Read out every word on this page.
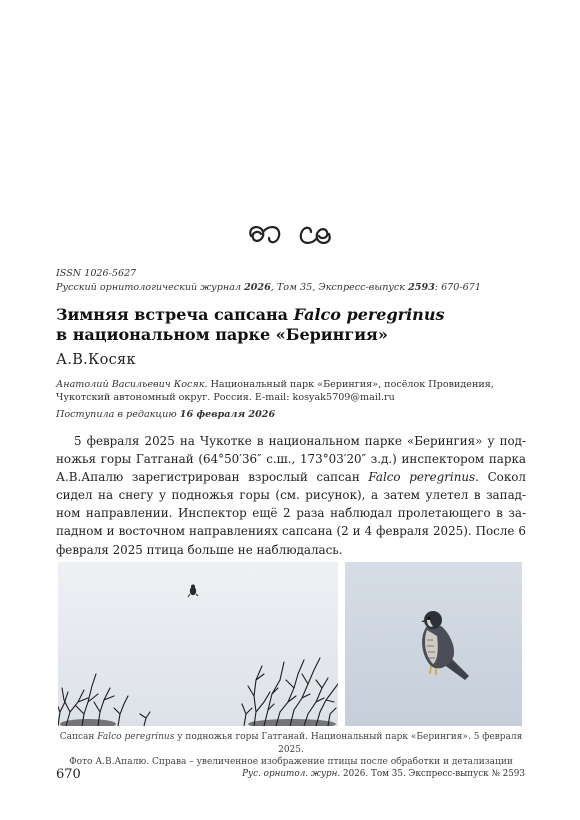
ISSN 1026-5627
Русский орнитологический журнал 2026, Том 35, Экспресс-выпуск 2593: 670-671
Зимняя встреча сапсана Falco peregrinus
в национальном парке «Берингия»
А.В.Косяк
Анатолий Васильевич Косяк. Национальный парк «Берингия», посёлок Провидения,
Чукотский автономный округ. Россия. E-mail: kosyak5709@mail.ru
Поступила в редакцию 16 февраля 2026
5 февраля 2025 на Чукотке в национальном парке «Берингия» у под-ножья горы Гатганай (64°50′36″ с.ш., 173°03′20″ з.д.) инспектором парка А.В.Апалю зарегистрирован взрослый сапсан Falco peregrinus. Сокол сидел на снегу у подножья горы (см. рисунок), а затем улетел в запад-ном направлении. Инспектор ещё 2 раза наблюдал пролетающего в за-падном и восточном направлениях сапсана (2 и 4 февраля 2025). После 6 февраля 2025 птица больше не наблюдалась.
Сапсан Falco peregrinus у подножья горы Гатганай. Национальный парк «Берингия». 5 февраля 2025.
Фото А.В.Апалю. Справа – увеличенное изображение птицы после обработки и детализации
670	Рус. орнитол. журн. 2026. Том 35. Экспресс-выпуск № 2593
